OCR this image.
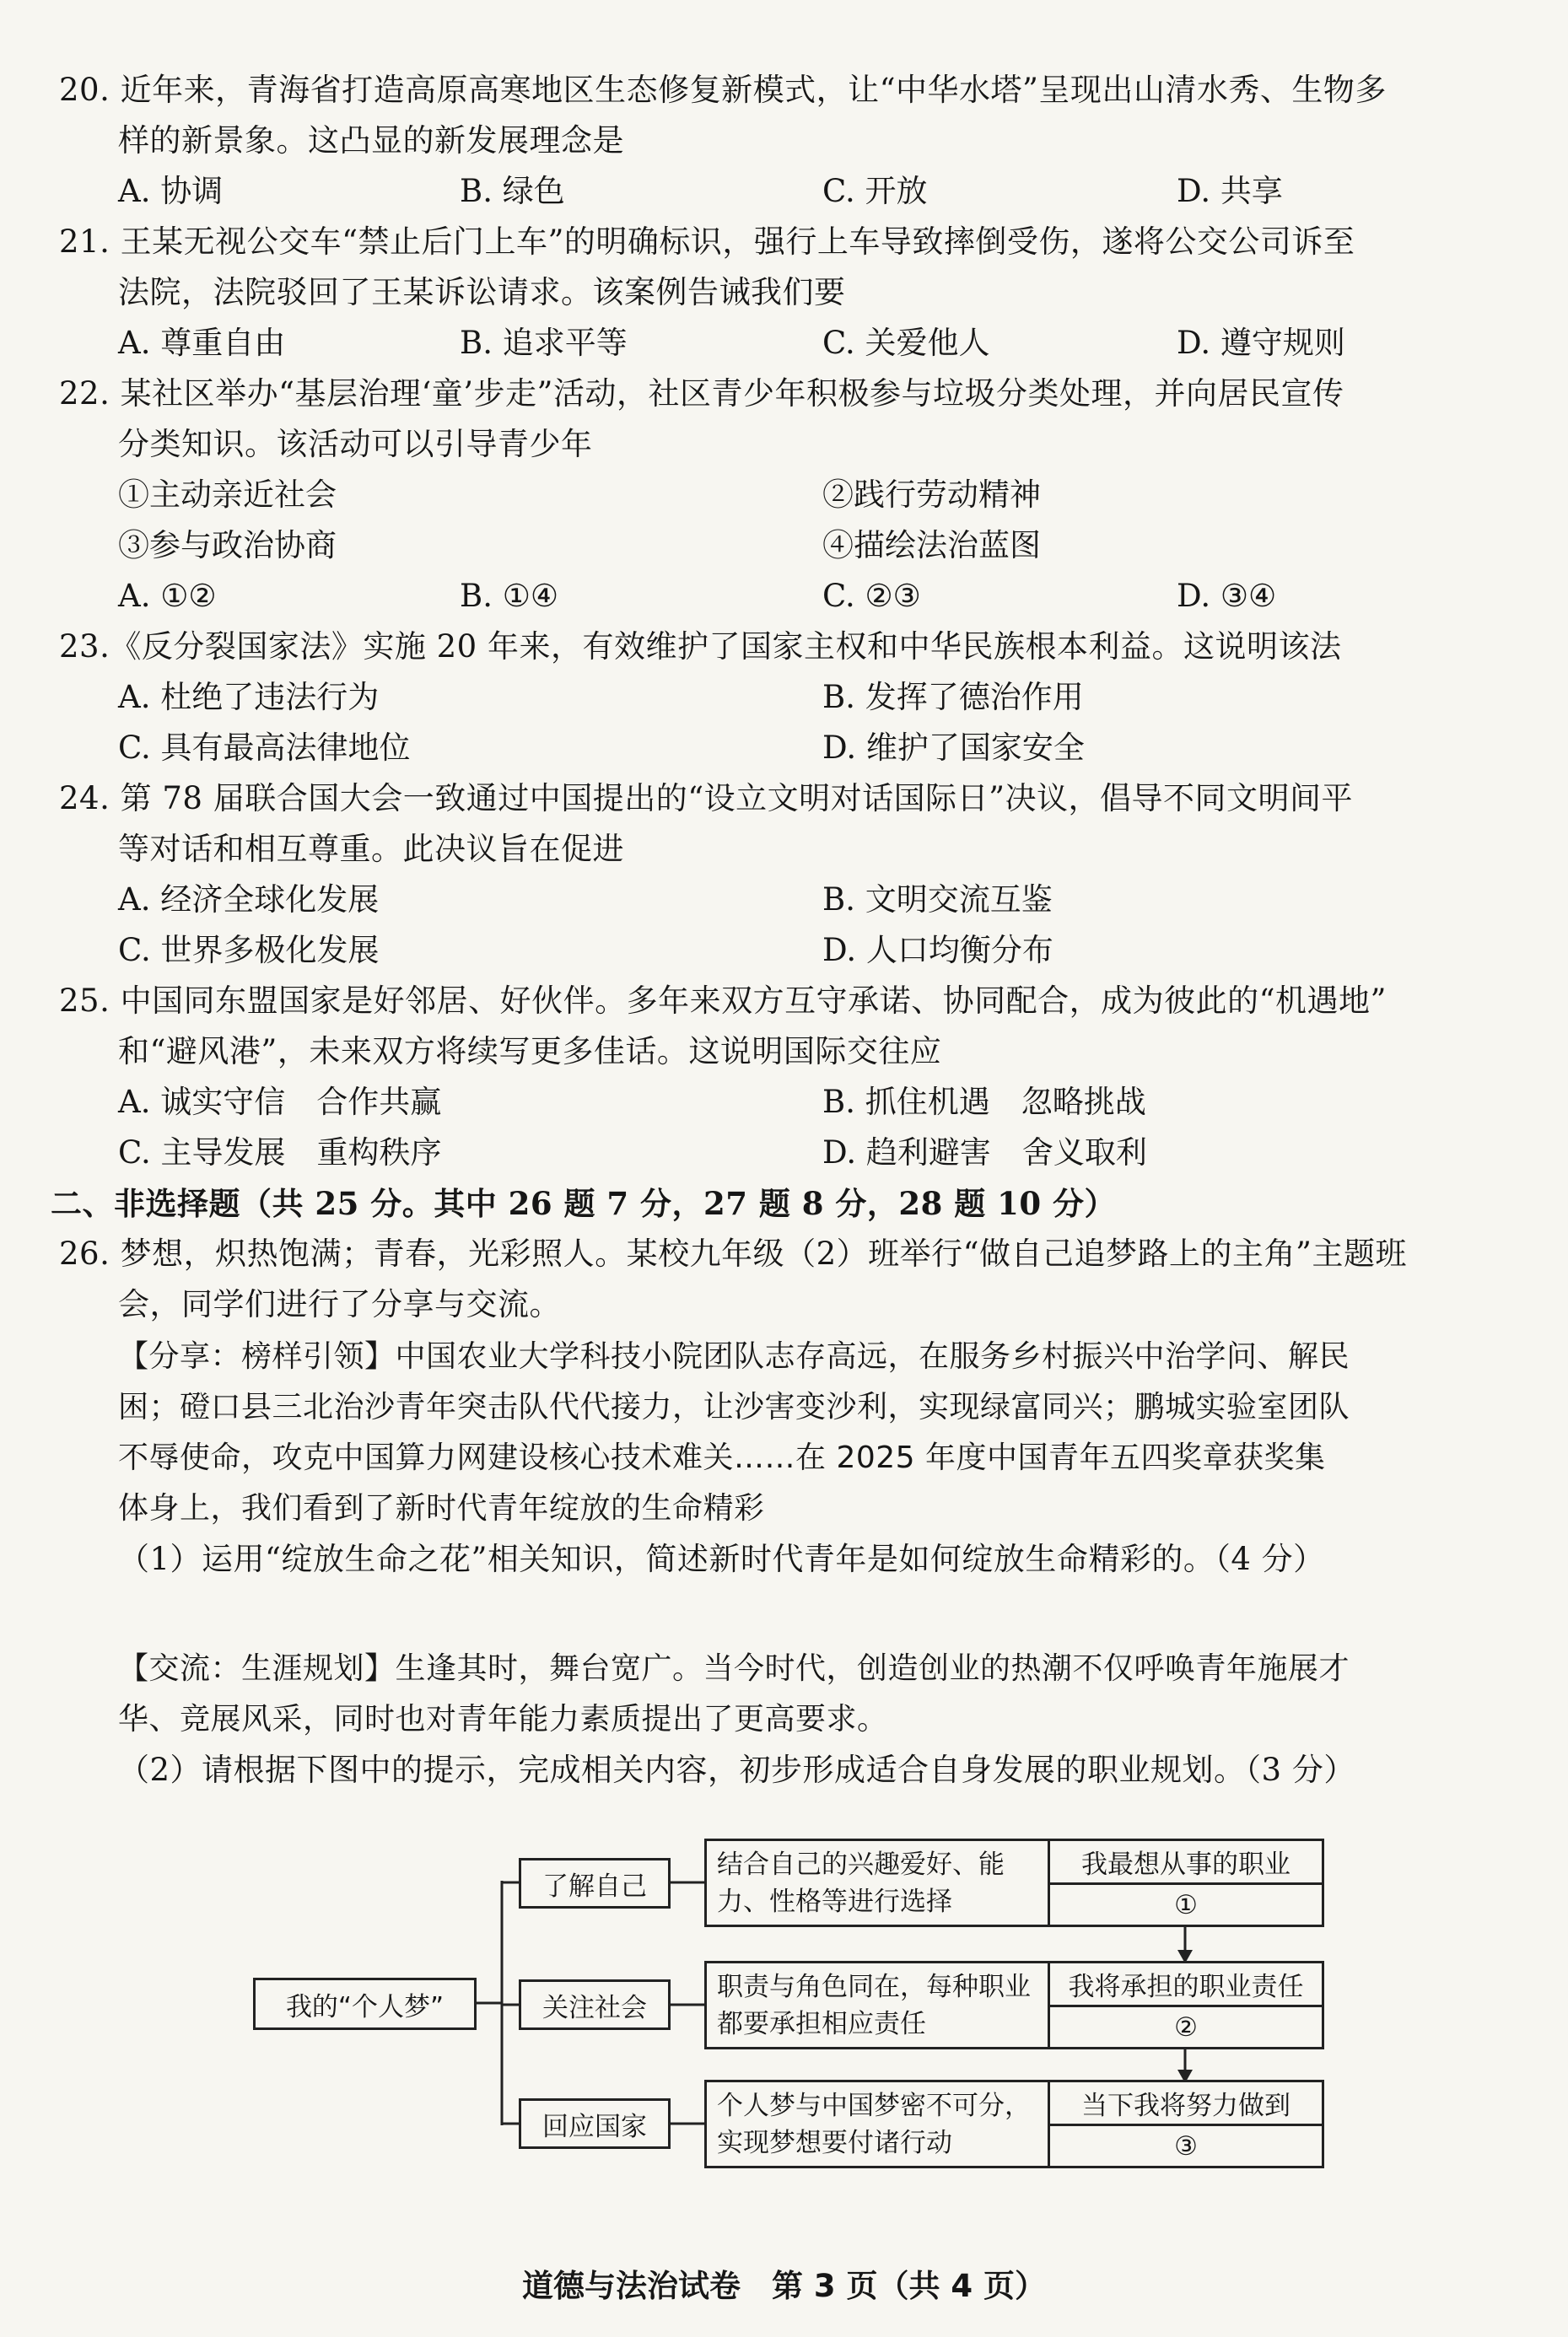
20. 近年来，青海省打造高原高寒地区生态修复新模式，让“中华水塔”呈现出山清水秀、生物多
样的新景象。这凸显的新发展理念是
A. 协调	B. 绿色	C. 开放	D. 共享
21. 王某无视公交车“禁止后门上车”的明确标识，强行上车导致摔倒受伤，遂将公交公司诉至
法院，法院驳回了王某诉讼请求。该案例告诫我们要
A. 尊重自由	B. 追求平等	C. 关爱他人	D. 遵守规则
22. 某社区举办“基层治理‘童’步走”活动，社区青少年积极参与垃圾分类处理，并向居民宣传
分类知识。该活动可以引导青少年
①主动亲近社会	②践行劳动精神
③参与政治协商	④描绘法治蓝图
A. ①②	B. ①④	C. ②③	D. ③④
23.《反分裂国家法》实施 20 年来，有效维护了国家主权和中华民族根本利益。这说明该法
A. 杜绝了违法行为	B. 发挥了德治作用
C. 具有最高法律地位	D. 维护了国家安全
24. 第 78 届联合国大会一致通过中国提出的“设立文明对话国际日”决议，倡导不同文明间平
等对话和相互尊重。此决议旨在促进
A. 经济全球化发展	B. 文明交流互鉴
C. 世界多极化发展	D. 人口均衡分布
25. 中国同东盟国家是好邻居、好伙伴。多年来双方互守承诺、协同配合，成为彼此的“机遇地”
和“避风港”，未来双方将续写更多佳话。这说明国际交往应
A. 诚实守信　合作共赢	B. 抓住机遇　忽略挑战
C. 主导发展　重构秩序	D. 趋利避害　舍义取利
二、非选择题（共 25 分。其中 26 题 7 分，27 题 8 分，28 题 10 分）
26. 梦想，炽热饱满；青春，光彩照人。某校九年级（2）班举行“做自己追梦路上的主角”主题班
会，同学们进行了分享与交流。
【分享：榜样引领】中国农业大学科技小院团队志存高远，在服务乡村振兴中治学问、解民
困；磴口县三北治沙青年突击队代代接力，让沙害变沙利，实现绿富同兴；鹏城实验室团队
不辱使命，攻克中国算力网建设核心技术难关……在 2025 年度中国青年五四奖章获奖集
体身上，我们看到了新时代青年绽放的生命精彩
（1）运用“绽放生命之花”相关知识，简述新时代青年是如何绽放生命精彩的。（4 分）
【交流：生涯规划】生逢其时，舞台宽广。当今时代，创造创业的热潮不仅呼唤青年施展才
华、竞展风采，同时也对青年能力素质提出了更高要求。
（2）请根据下图中的提示，完成相关内容，初步形成适合自身发展的职业规划。（3 分）
我的“个人梦”
了解自己
关注社会
回应国家
结合自己的兴趣爱好、能力、性格等进行选择
职责与角色同在，每种职业都要承担相应责任
个人梦与中国梦密不可分，实现梦想要付诸行动
我最想从事的职业
①
我将承担的职业责任
②
当下我将努力做到
③
道德与法治试卷　第 3 页（共 4 页）
